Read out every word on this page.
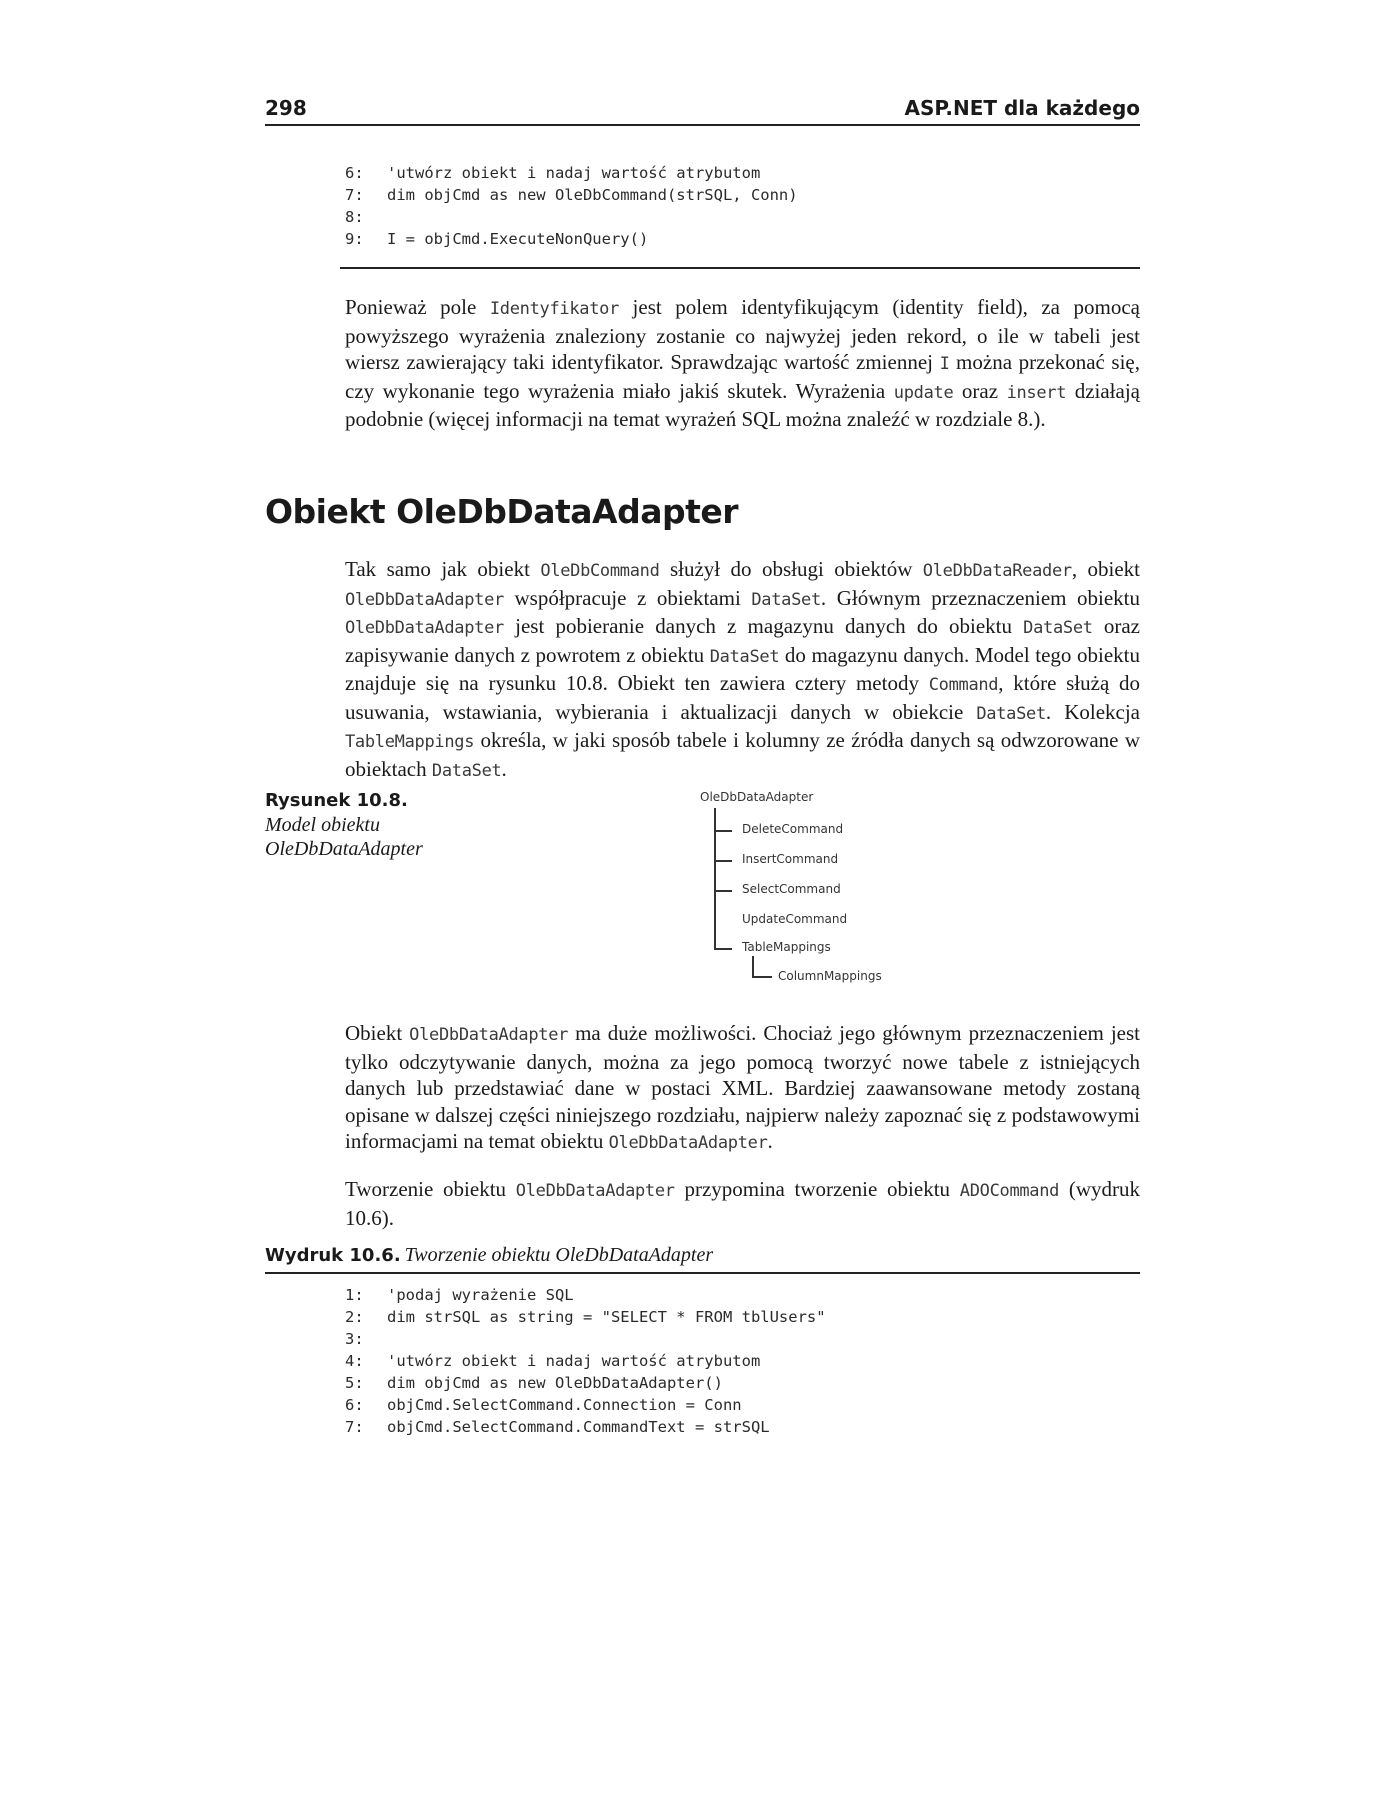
298	ASP.NET dla każdego
6:	'utwórz obiekt i nadaj wartość atrybutom
7:	dim objCmd as new OleDbCommand(strSQL, Conn)
8:
9:	I = objCmd.ExecuteNonQuery()

Ponieważ pole Identyfikator jest polem identyfikującym (identity field), za pomocą powyższego wyrażenia znaleziony zostanie co najwyżej jeden rekord, o ile w tabeli jest wiersz zawierający taki identyfikator. Sprawdzając wartość zmiennej I można przekonać się, czy wykonanie tego wyrażenia miało jakiś skutek. Wyrażenia update oraz insert działają podobnie (więcej informacji na temat wyrażeń SQL można znaleźć w rozdziale 8.).

Obiekt OleDbDataAdapter

Tak samo jak obiekt OleDbCommand służył do obsługi obiektów OleDbDataReader, obiekt OleDbDataAdapter współpracuje z obiektami DataSet. Głównym przeznaczeniem obiektu OleDbDataAdapter jest pobieranie danych z magazynu danych do obiektu DataSet oraz zapisywanie danych z powrotem z obiektu DataSet do magazynu danych. Model tego obiektu znajduje się na rysunku 10.8. Obiekt ten zawiera cztery metody Command, które służą do usuwania, wstawiania, wybierania i aktualizacji danych w obiekcie DataSet. Kolekcja TableMappings określa, w jaki sposób tabele i kolumny ze źródła danych są odwzorowane w obiektach DataSet.

Rysunek 10.8.
Model obiektu
OleDbDataAdapter
OleDbDataAdapter
DeleteCommand
InsertCommand
SelectCommand
UpdateCommand
TableMappings
ColumnMappings

Obiekt OleDbDataAdapter ma duże możliwości. Chociaż jego głównym przeznaczeniem jest tylko odczytywanie danych, można za jego pomocą tworzyć nowe tabele z istniejących danych lub przedstawiać dane w postaci XML. Bardziej zaawansowane metody zostaną opisane w dalszej części niniejszego rozdziału, najpierw należy zapoznać się z podstawowymi informacjami na temat obiektu OleDbDataAdapter.

Tworzenie obiektu OleDbDataAdapter przypomina tworzenie obiektu ADOCommand (wydruk 10.6).

Wydruk 10.6. Tworzenie obiektu OleDbDataAdapter
1:	'podaj wyrażenie SQL
2:	dim strSQL as string = "SELECT * FROM tblUsers"
3:
4:	'utwórz obiekt i nadaj wartość atrybutom
5:	dim objCmd as new OleDbDataAdapter()
6:	objCmd.SelectCommand.Connection = Conn
7:	objCmd.SelectCommand.CommandText = strSQL
